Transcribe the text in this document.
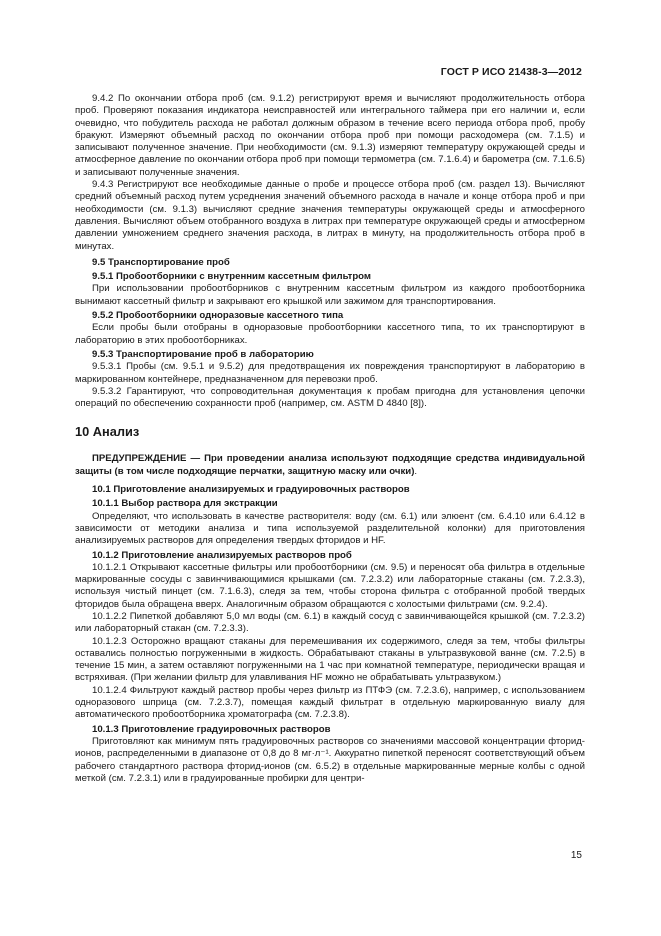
ГОСТ Р ИСО 21438-3—2012

9.4.2 По окончании отбора проб (см. 9.1.2) регистрируют время и вычисляют продолжительность отбора проб. Проверяют показания индикатора неисправностей или интегрального таймера при его наличии и, если очевидно, что побудитель расхода не работал должным образом в течение всего периода отбора проб, пробу бракуют. Измеряют объемный расход по окончании отбора проб при помощи расходомера (см. 7.1.5) и записывают полученное значение. При необходимости (см. 9.1.3) измеряют температуру окружающей среды и атмосферное давление по окончании отбора проб при помощи термометра (см. 7.1.6.4) и барометра (см. 7.1.6.5) и записывают полученные значения.

9.4.3 Регистрируют все необходимые данные о пробе и процессе отбора проб (см. раздел 13). Вычисляют средний объемный расход путем усреднения значений объемного расхода в начале и конце отбора проб и при необходимости (см. 9.1.3) вычисляют средние значения температуры окружающей среды и атмосферного давления. Вычисляют объем отобранного воздуха в литрах при температуре окружающей среды и атмосферном давлении умножением среднего значения расхода, в литрах в минуту, на продолжительность отбора проб в минутах.

9.5 Транспортирование проб

9.5.1 Пробоотборники с внутренним кассетным фильтром

При использовании пробоотборников с внутренним кассетным фильтром из каждого пробоотборника вынимают кассетный фильтр и закрывают его крышкой или зажимом для транспортирования.

9.5.2 Пробоотборники одноразовые кассетного типа

Если пробы были отобраны в одноразовые пробоотборники кассетного типа, то их транспортируют в лабораторию в этих пробоотборниках.

9.5.3 Транспортирование проб в лабораторию

9.5.3.1 Пробы (см. 9.5.1 и 9.5.2) для предотвращения их повреждения транспортируют в лабораторию в маркированном контейнере, предназначенном для перевозки проб.

9.5.3.2 Гарантируют, что сопроводительная документация к пробам пригодна для установления цепочки операций по обеспечению сохранности проб (например, см. ASTM D 4840 [8]).

10 Анализ

ПРЕДУПРЕЖДЕНИЕ — При проведении анализа используют подходящие средства индивидуальной защиты (в том числе подходящие перчатки, защитную маску или очки).

10.1 Приготовление анализируемых и градуировочных растворов

10.1.1 Выбор раствора для экстракции

Определяют, что использовать в качестве растворителя: воду (см. 6.1) или элюент (см. 6.4.10 или 6.4.12 в зависимости от методики анализа и типа используемой разделительной колонки) для приготовления анализируемых растворов для определения твердых фторидов и HF.

10.1.2 Приготовление анализируемых растворов проб

10.1.2.1 Открывают кассетные фильтры или пробоотборники (см. 9.5) и переносят оба фильтра в отдельные маркированные сосуды с завинчивающимися крышками (см. 7.2.3.2) или лабораторные стаканы (см. 7.2.3.3), используя чистый пинцет (см. 7.1.6.3), следя за тем, чтобы сторона фильтра с отобранной пробой твердых фторидов была обращена вверх. Аналогичным образом обращаются с холостыми фильтрами (см. 9.2.4).

10.1.2.2 Пипеткой добавляют 5,0 мл воды (см. 6.1) в каждый сосуд с завинчивающейся крышкой (см. 7.2.3.2) или лабораторный стакан (см. 7.2.3.3).

10.1.2.3 Осторожно вращают стаканы для перемешивания их содержимого, следя за тем, чтобы фильтры оставались полностью погруженными в жидкость. Обрабатывают стаканы в ультразвуковой ванне (см. 7.2.5) в течение 15 мин, а затем оставляют погруженными на 1 час при комнатной температуре, периодически вращая и встряхивая. (При желании фильтр для улавливания HF можно не обрабатывать ультразвуком.)

10.1.2.4 Фильтруют каждый раствор пробы через фильтр из ПТФЭ (см. 7.2.3.6), например, с использованием одноразового шприца (см. 7.2.3.7), помещая каждый фильтрат в отдельную маркированную виалу для автоматического пробоотборника хроматографа (см. 7.2.3.8).

10.1.3 Приготовление градуировочных растворов

Приготовляют как минимум пять градуировочных растворов со значениями массовой концентрации фторид-ионов, распределенными в диапазоне от 0,8 до 8 мг·л⁻¹. Аккуратно пипеткой переносят соответствующий объем рабочего стандартного раствора фторид-ионов (см. 6.5.2) в отдельные маркированные мерные колбы с одной меткой (см. 7.2.3.1) или в градуированные пробирки для центри-

15
